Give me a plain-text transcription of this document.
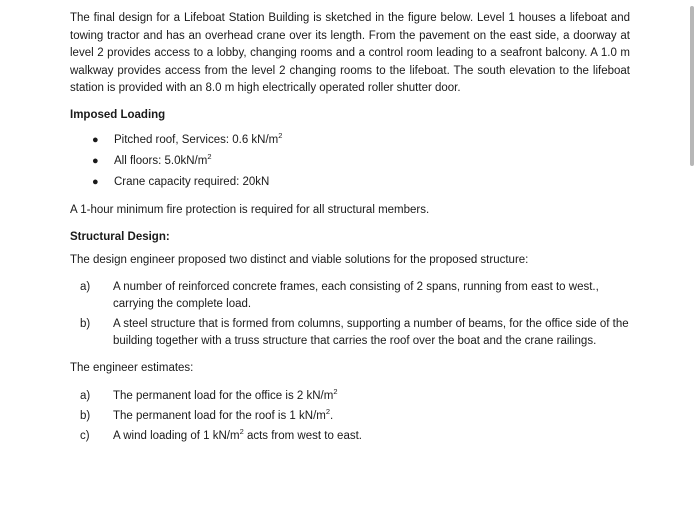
The final design for a Lifeboat Station Building is sketched in the figure below. Level 1 houses a lifeboat and towing tractor and has an overhead crane over its length. From the pavement on the east side, a doorway at level 2 provides access to a lobby, changing rooms and a control room leading to a seafront balcony. A 1.0 m walkway provides access from the level 2 changing rooms to the lifeboat. The south elevation to the lifeboat station is provided with an 8.0 m high electrically operated roller shutter door.

Imposed Loading
● Pitched roof, Services: 0.6 $kN/m^2$
● All floors: $5.0kN/m^2$
● Crane capacity required: 20kN

A 1-hour minimum fire protection is required for all structural members.

Structural Design:

The design engineer proposed two distinct and viable solutions for the proposed structure:

a) A number of reinforced concrete frames, each consisting of 2 spans, running from east to west., carrying the complete load.
b) A steel structure that is formed from columns, supporting a number of beams, for the office side of the building together with a truss structure that carries the roof over the boat and the crane railings.

The engineer estimates:

a) The permanent load for the office is 2 $kN/m^2$
b) The permanent load for the roof is 1 $kN/m^2$.
c) A wind loading of 1 $kN/m^2$ acts from west to east.
